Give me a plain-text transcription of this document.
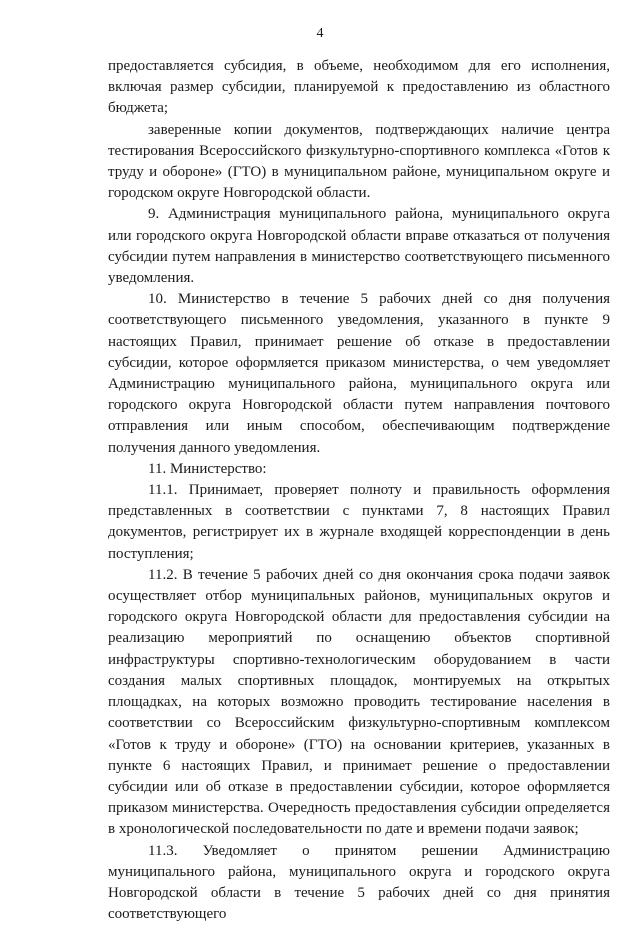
4

предоставляется субсидия, в объеме, необходимом для его исполнения, включая размер субсидии, планируемой к предоставлению из областного бюджета;

заверенные копии документов, подтверждающих наличие центра тестирования Всероссийского физкультурно-спортивного комплекса «Готов к труду и обороне» (ГТО) в муниципальном районе, муниципальном округе и городском округе Новгородской области.

9. Администрация муниципального района, муниципального округа или городского округа Новгородской области вправе отказаться от получения субсидии путем направления в министерство соответствующего письменного уведомления.

10. Министерство в течение 5 рабочих дней со дня получения соответствующего письменного уведомления, указанного в пункте 9 настоящих Правил, принимает решение об отказе в предоставлении субсидии, которое оформляется приказом министерства, о чем уведомляет Администрацию муниципального района, муниципального округа или городского округа Новгородской области путем направления почтового отправления или иным способом, обеспечивающим подтверждение получения данного уведомления.

11. Министерство:

11.1. Принимает, проверяет полноту и правильность оформления представленных в соответствии с пунктами 7, 8 настоящих Правил документов, регистрирует их в журнале входящей корреспонденции в день поступления;

11.2. В течение 5 рабочих дней со дня окончания срока подачи заявок осуществляет отбор муниципальных районов, муниципальных округов и городского округа Новгородской области для предоставления субсидии на реализацию мероприятий по оснащению объектов спортивной инфраструктуры спортивно-технологическим оборудованием в части создания малых спортивных площадок, монтируемых на открытых площадках, на которых возможно проводить тестирование населения в соответствии со Всероссийским физкультурно-спортивным комплексом «Готов к труду и обороне» (ГТО) на основании критериев, указанных в пункте 6 настоящих Правил, и принимает решение о предоставлении субсидии или об отказе в предоставлении субсидии, которое оформляется приказом министерства. Очередность предоставления субсидии определяется в хронологической последовательности по дате и времени подачи заявок;

11.3. Уведомляет о принятом решении Администрацию муниципального района, муниципального округа и городского округа Новгородской области в течение 5 рабочих дней со дня принятия соответствующего
